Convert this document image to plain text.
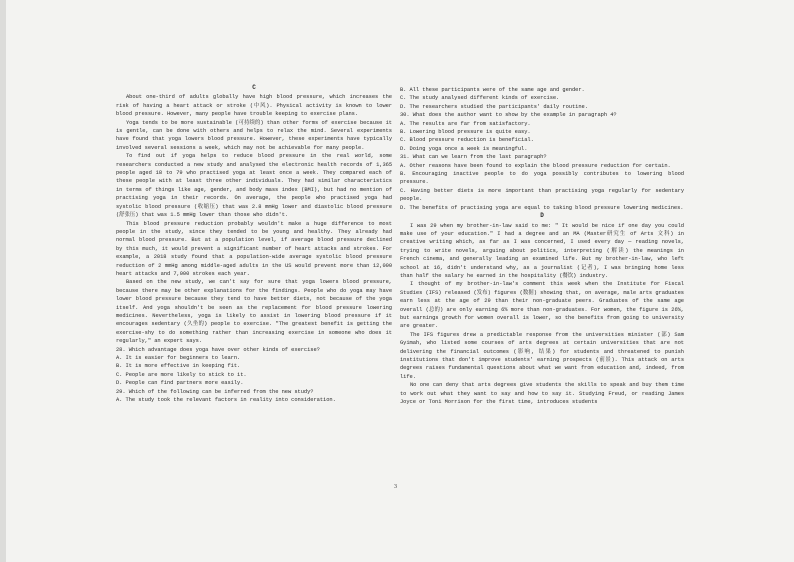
C

About one-third of adults globally have high blood pressure, which increases the risk of having a heart attack or stroke (中风). Physical activity is known to lower blood pressure. However, many people have trouble keeping to exercise plans.

Yoga tends to be more sustainable (可持续的) than other forms of exercise because it is gentle, can be done with others and helps to relax the mind. Several experiments have found that yoga lowers blood pressure. However, these experiments have typically involved several sessions a week, which may not be achievable for many people.

To find out if yoga helps to reduce blood pressure in the real world, some researchers conducted a new study and analysed the electronic health records of 1,365 people aged 18 to 79 who practised yoga at least once a week. They compared each of these people with at least three other individuals. They had similar characteristics in terms of things like age, gender, and body mass index (BMI), but had no mention of practising yoga in their records. On average, the people who practised yoga had systolic blood pressure (收缩压) that was 2.8 mmHg lower and diastolic blood pressure (舒张压) that was 1.5 mmHg lower than those who didn't.

This blood pressure reduction probably wouldn't make a huge difference to most people in the study, since they tended to be young and healthy. They already had normal blood pressure. But at a population level, if average blood pressure declined by this much, it would prevent a significant number of heart attacks and strokes. For example, a 2018 study found that a population-wide average systolic blood pressure reduction of 2 mmHg among middle-aged adults in the US would prevent more than 12,000 heart attacks and 7,000 strokes each year.

Based on the new study, we can't say for sure that yoga lowers blood pressure, because there may be other explanations for the findings. People who do yoga may have lower blood pressure because they tend to have better diets, not because of the yoga itself. And yoga shouldn't be seen as the replacement for blood pressure lowering medicines. Nevertheless, yoga is likely to assist in lowering blood pressure if it encourages sedentary (久坐的) people to exercise. "The greatest benefit is getting the exercise-shy to do something rather than increasing exercise in someone who does it regularly," an expert says.

28. Which advantage does yoga have over other kinds of exercise?
A. It is easier for beginners to learn.
B. It is more effective in keeping fit.
C. People are more likely to stick to it.
D. People can find partners more easily.
29. Which of the following can be inferred from the new study?
A. The study took the relevant factors in reality into consideration.
B. All these participants were of the same age and gender.
C. The study analysed different kinds of exercise.
D. The researchers studied the participants' daily routine.
30. What does the author want to show by the example in paragraph 4?
A. The results are far from satisfactory.
B. Lowering blood pressure is quite easy.
C. Blood pressure reduction is beneficial.
D. Doing yoga once a week is meaningful.
31. What can we learn from the last paragraph?

A. Other reasons have been found to explain the blood pressure reduction for certain.

B. Encouraging inactive people to do yoga possibly contributes to lowering blood pressure.

C. Having better diets is more important than practising yoga regularly for sedentary people.

D. The benefits of practising yoga are equal to taking blood pressure lowering medicines.

D

I was 29 when my brother-in-law said to me: " It would be nice if one day you could make use of your education." I had a degree and an MA (Master研究生 of Arts 文科) in creative writing which, as far as I was concerned, I used every day — reading novels, trying to write novels, arguing about politics, interpreting (解读) the meanings in French cinema, and generally leading an examined life. But my brother-in-law, who left school at 16, didn't understand why, as a journalist (记者), I was bringing home less than half the salary he earned in the hospitality (餐饮) industry.

I thought of my brother-in-law's comment this week when the Institute for Fiscal Studies (IFS) released (发布) figures (数据) showing that, on average, male arts graduates earn less at the age of 29 than their non-graduate peers. Graduates of the same age overall (总的) are only earning 6% more than non-graduates. For women, the figure is 26%, but earnings growth for women overall is lower, so the benefits from going to university are greater.

The IFS figures drew a predictable response from the universities minister (部) Sam Gyimah, who listed some courses of arts degrees at certain universities that are not delivering the financial outcomes (影响, 结果) for students and threatened to punish institutions that don't improve students' earning prospects (前景). This attack on arts degrees raises fundamental questions about what we want from education and, indeed, from life.

No one can deny that arts degrees give students the skills to speak and buy them time to work out what they want to say and how to say it. Studying Freud, or reading James Joyce or Toni Morrison for the first time, introduces students

3
